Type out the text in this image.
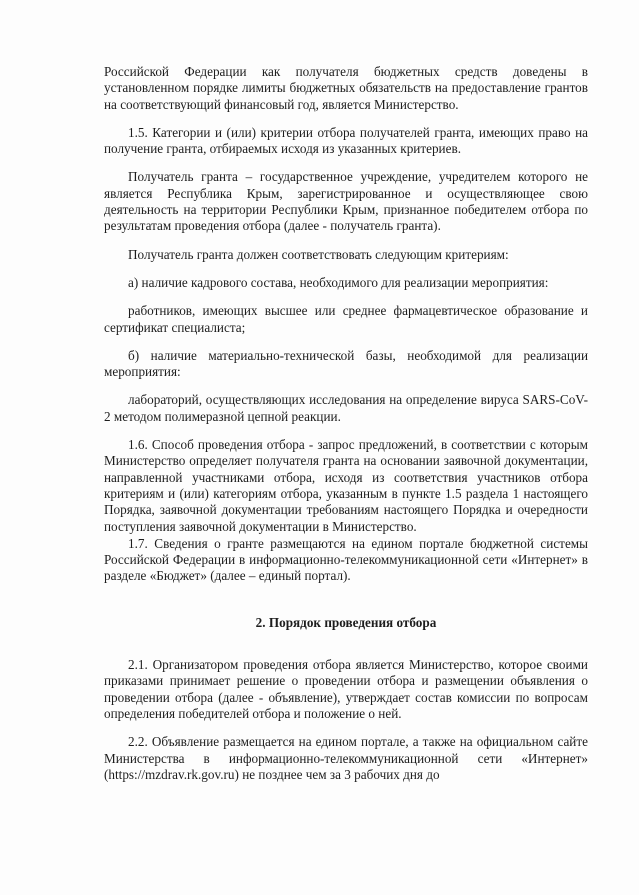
Российской Федерации как получателя бюджетных средств доведены в установленном порядке лимиты бюджетных обязательств на предоставление грантов на соответствующий финансовый год, является Министерство.

1.5. Категории и (или) критерии отбора получателей гранта, имеющих право на получение гранта, отбираемых исходя из указанных критериев.

Получатель гранта – государственное учреждение, учредителем которого не является Республика Крым, зарегистрированное и осуществляющее свою деятельность на территории Республики Крым, признанное победителем отбора по результатам проведения отбора (далее - получатель гранта).

Получатель гранта должен соответствовать следующим критериям:

а) наличие кадрового состава, необходимого для реализации мероприятия:

работников, имеющих высшее или среднее фармацевтическое образование и сертификат специалиста;

б) наличие материально-технической базы, необходимой для реализации мероприятия:

лабораторий, осуществляющих исследования на определение вируса SARS-CoV-2 методом полимеразной цепной реакции.

1.6. Способ проведения отбора - запрос предложений, в соответствии с которым Министерство определяет получателя гранта на основании заявочной документации, направленной участниками отбора, исходя из соответствия участников отбора критериям и (или) категориям отбора, указанным в пункте 1.5 раздела 1 настоящего Порядка, заявочной документации требованиям настоящего Порядка и очередности поступления заявочной документации в Министерство.

1.7. Сведения о гранте размещаются на едином портале бюджетной системы Российской Федерации в информационно-телекоммуникационной сети «Интернет» в разделе «Бюджет» (далее – единый портал).

2. Порядок проведения отбора

2.1. Организатором проведения отбора является Министерство, которое своими приказами принимает решение о проведении отбора и размещении объявления о проведении отбора (далее - объявление), утверждает состав комиссии по вопросам определения победителей отбора и положение о ней.

2.2. Объявление размещается на едином портале, а также на официальном сайте Министерства в информационно-телекоммуникационной сети «Интернет» (https://mzdrav.rk.gov.ru) не позднее чем за 3 рабочих дня до
